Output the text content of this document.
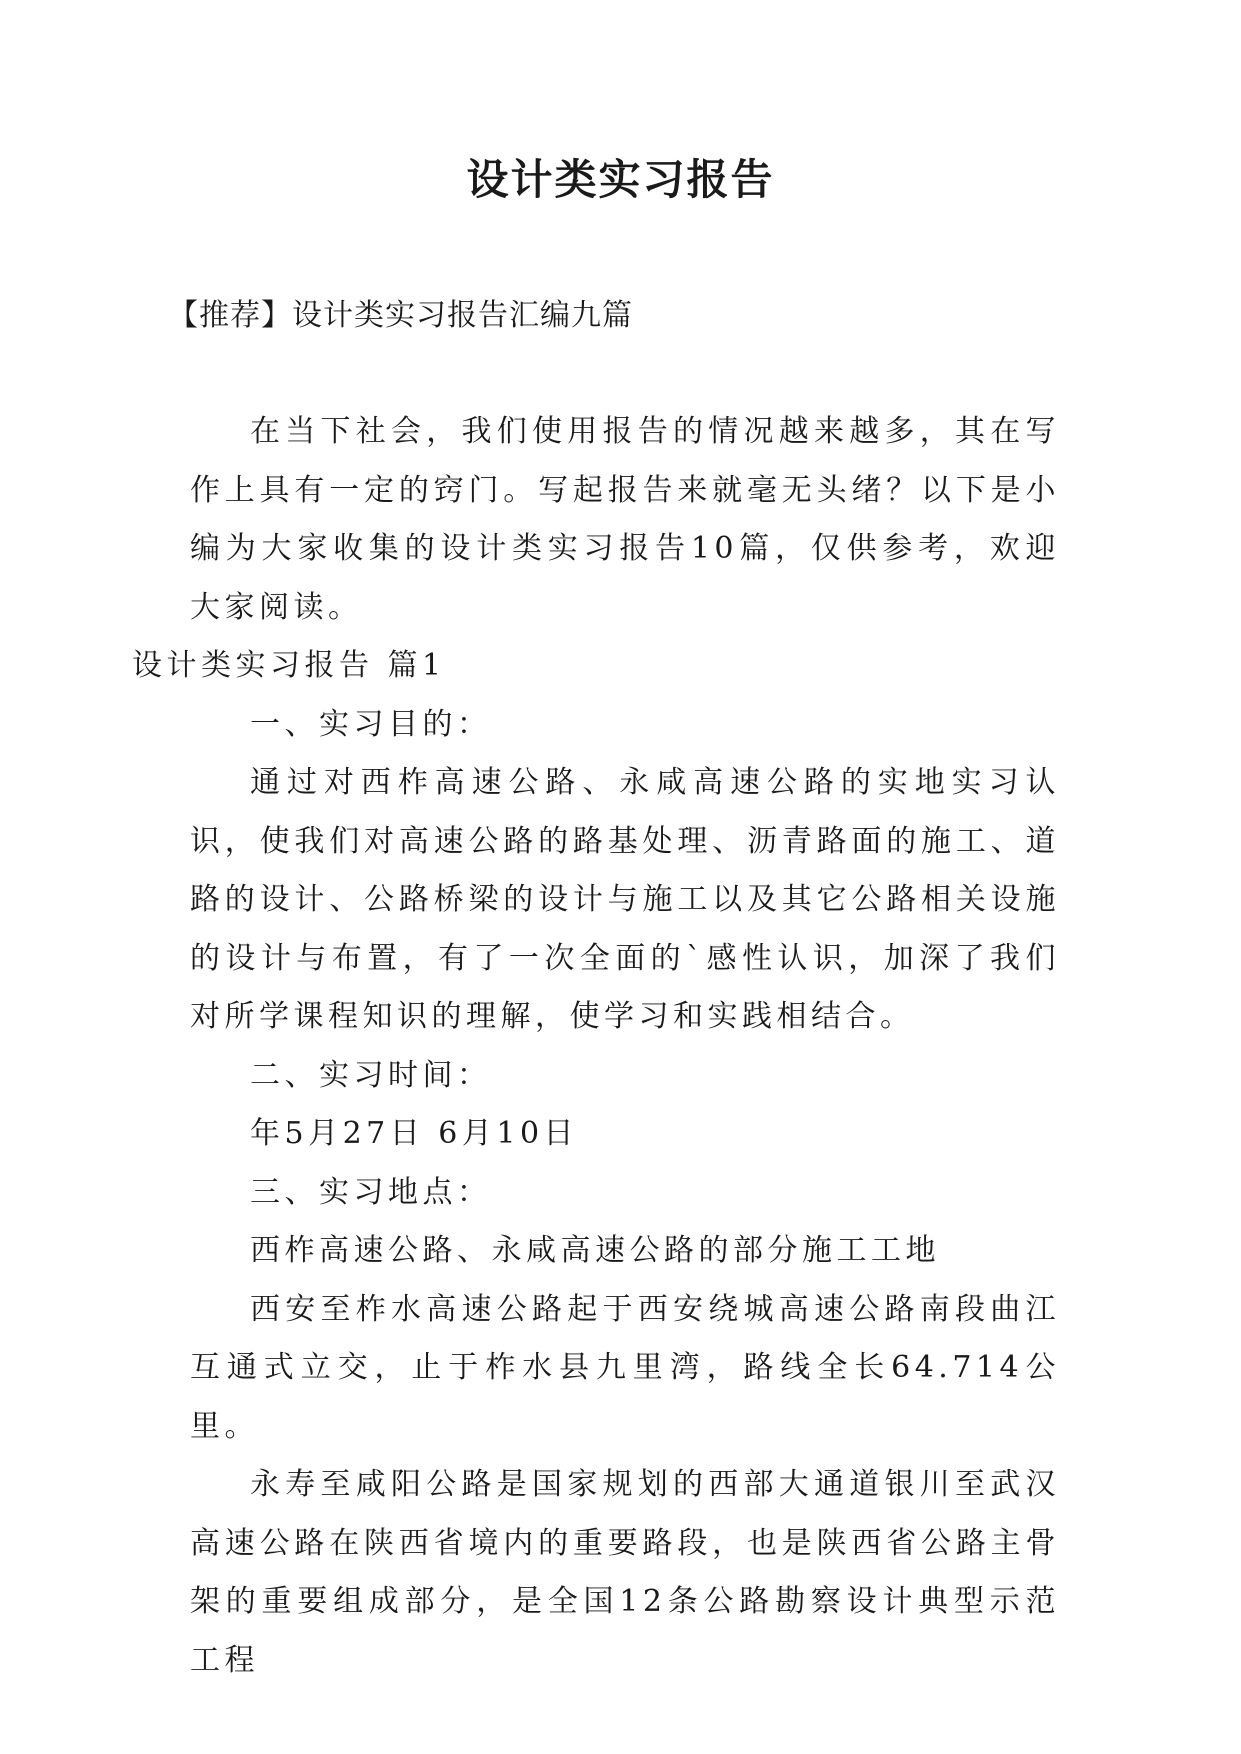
设计类实习报告
【推荐】设计类实习报告汇编九篇

在当下社会，我们使用报告的情况越来越多，其在写作上具有一定的窍门。写起报告来就毫无头绪？以下是小编为大家收集的设计类实习报告10篇，仅供参考，欢迎大家阅读。

设计类实习报告 篇1

一、实习目的：

通过对西柞高速公路、永咸高速公路的实地实习认识，使我们对高速公路的路基处理、沥青路面的施工、道路的设计、公路桥梁的设计与施工以及其它公路相关设施的设计与布置，有了一次全面的`感性认识，加深了我们对所学课程知识的理解，使学习和实践相结合。

二、实习时间：

年5月27日 6月10日

三、实习地点：

西柞高速公路、永咸高速公路的部分施工工地

西安至柞水高速公路起于西安绕城高速公路南段曲江互通式立交，止于柞水县九里湾，路线全长64.714公里。

永寿至咸阳公路是国家规划的西部大通道银川至武汉高速公路在陕西省境内的重要路段，也是陕西省公路主骨架的重要组成部分，是全国12条公路勘察设计典型示范工程
